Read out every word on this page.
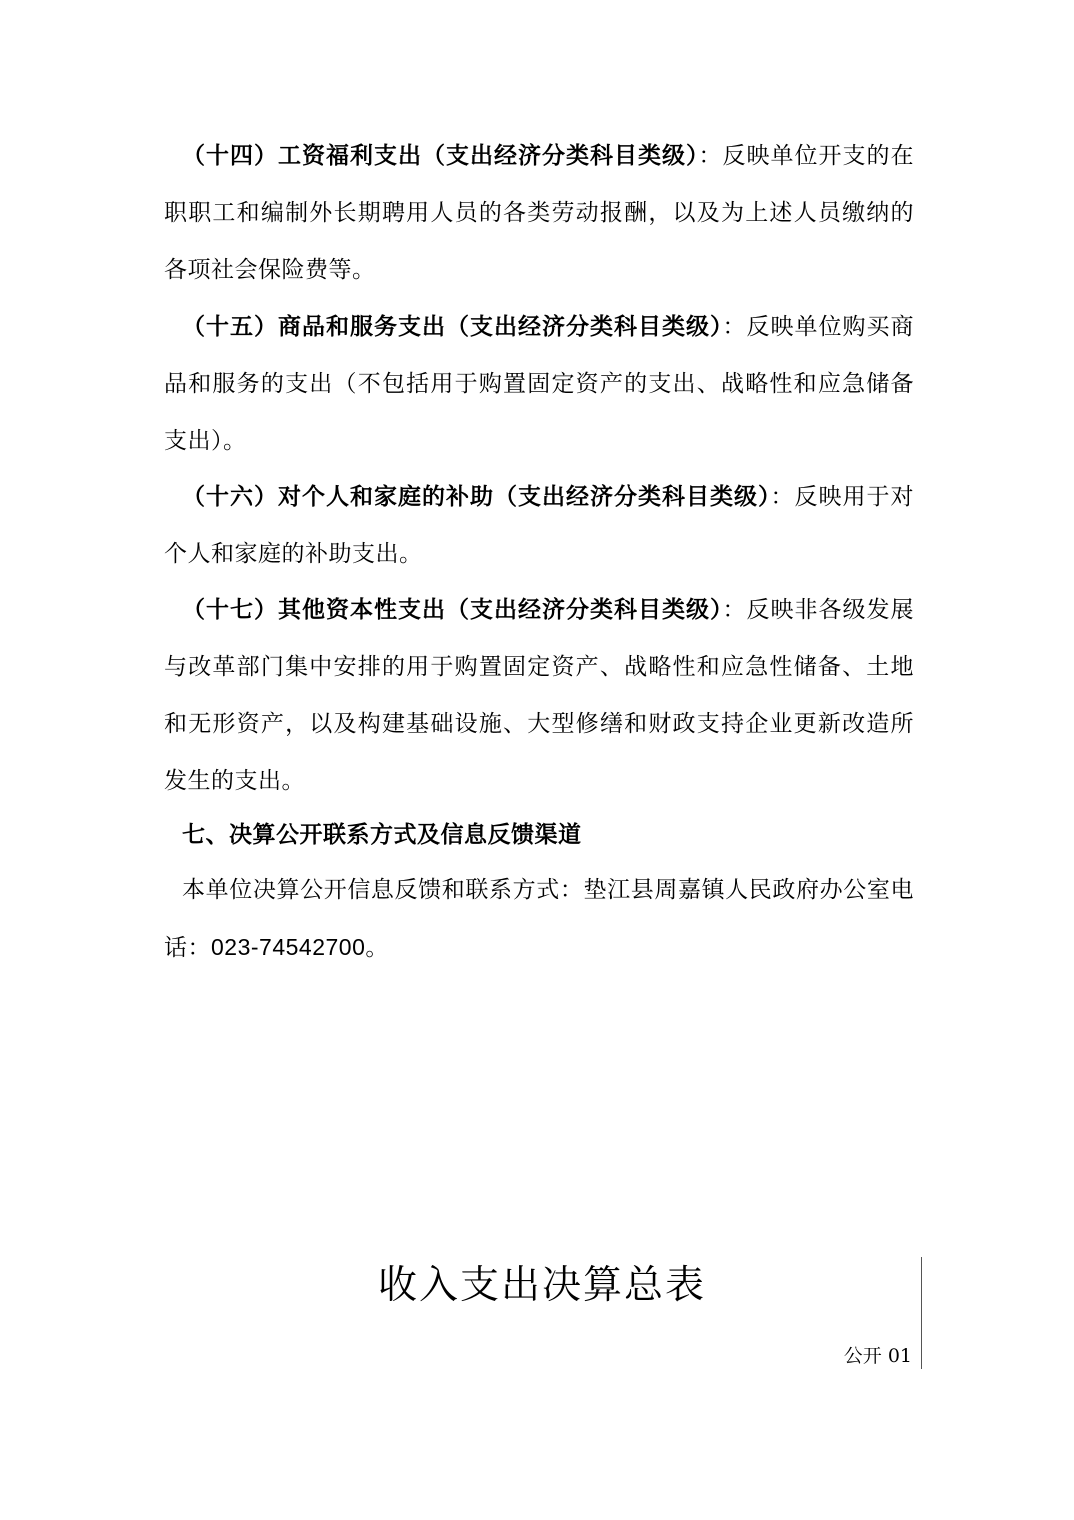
（十四）工资福利支出（支出经济分类科目类级）：反映单位开支的在职职工和编制外长期聘用人员的各类劳动报酬，以及为上述人员缴纳的各项社会保险费等。

（十五）商品和服务支出（支出经济分类科目类级）：反映单位购买商品和服务的支出（不包括用于购置固定资产的支出、战略性和应急储备支出）。

（十六）对个人和家庭的补助（支出经济分类科目类级）：反映用于对个人和家庭的补助支出。

（十七）其他资本性支出（支出经济分类科目类级）：反映非各级发展与改革部门集中安排的用于购置固定资产、战略性和应急性储备、土地和无形资产，以及构建基础设施、大型修缮和财政支持企业更新改造所发生的支出。

七、决算公开联系方式及信息反馈渠道

本单位决算公开信息反馈和联系方式：垫江县周嘉镇人民政府办公室电话：023-74542700。

收入支出决算总表
公开 01
